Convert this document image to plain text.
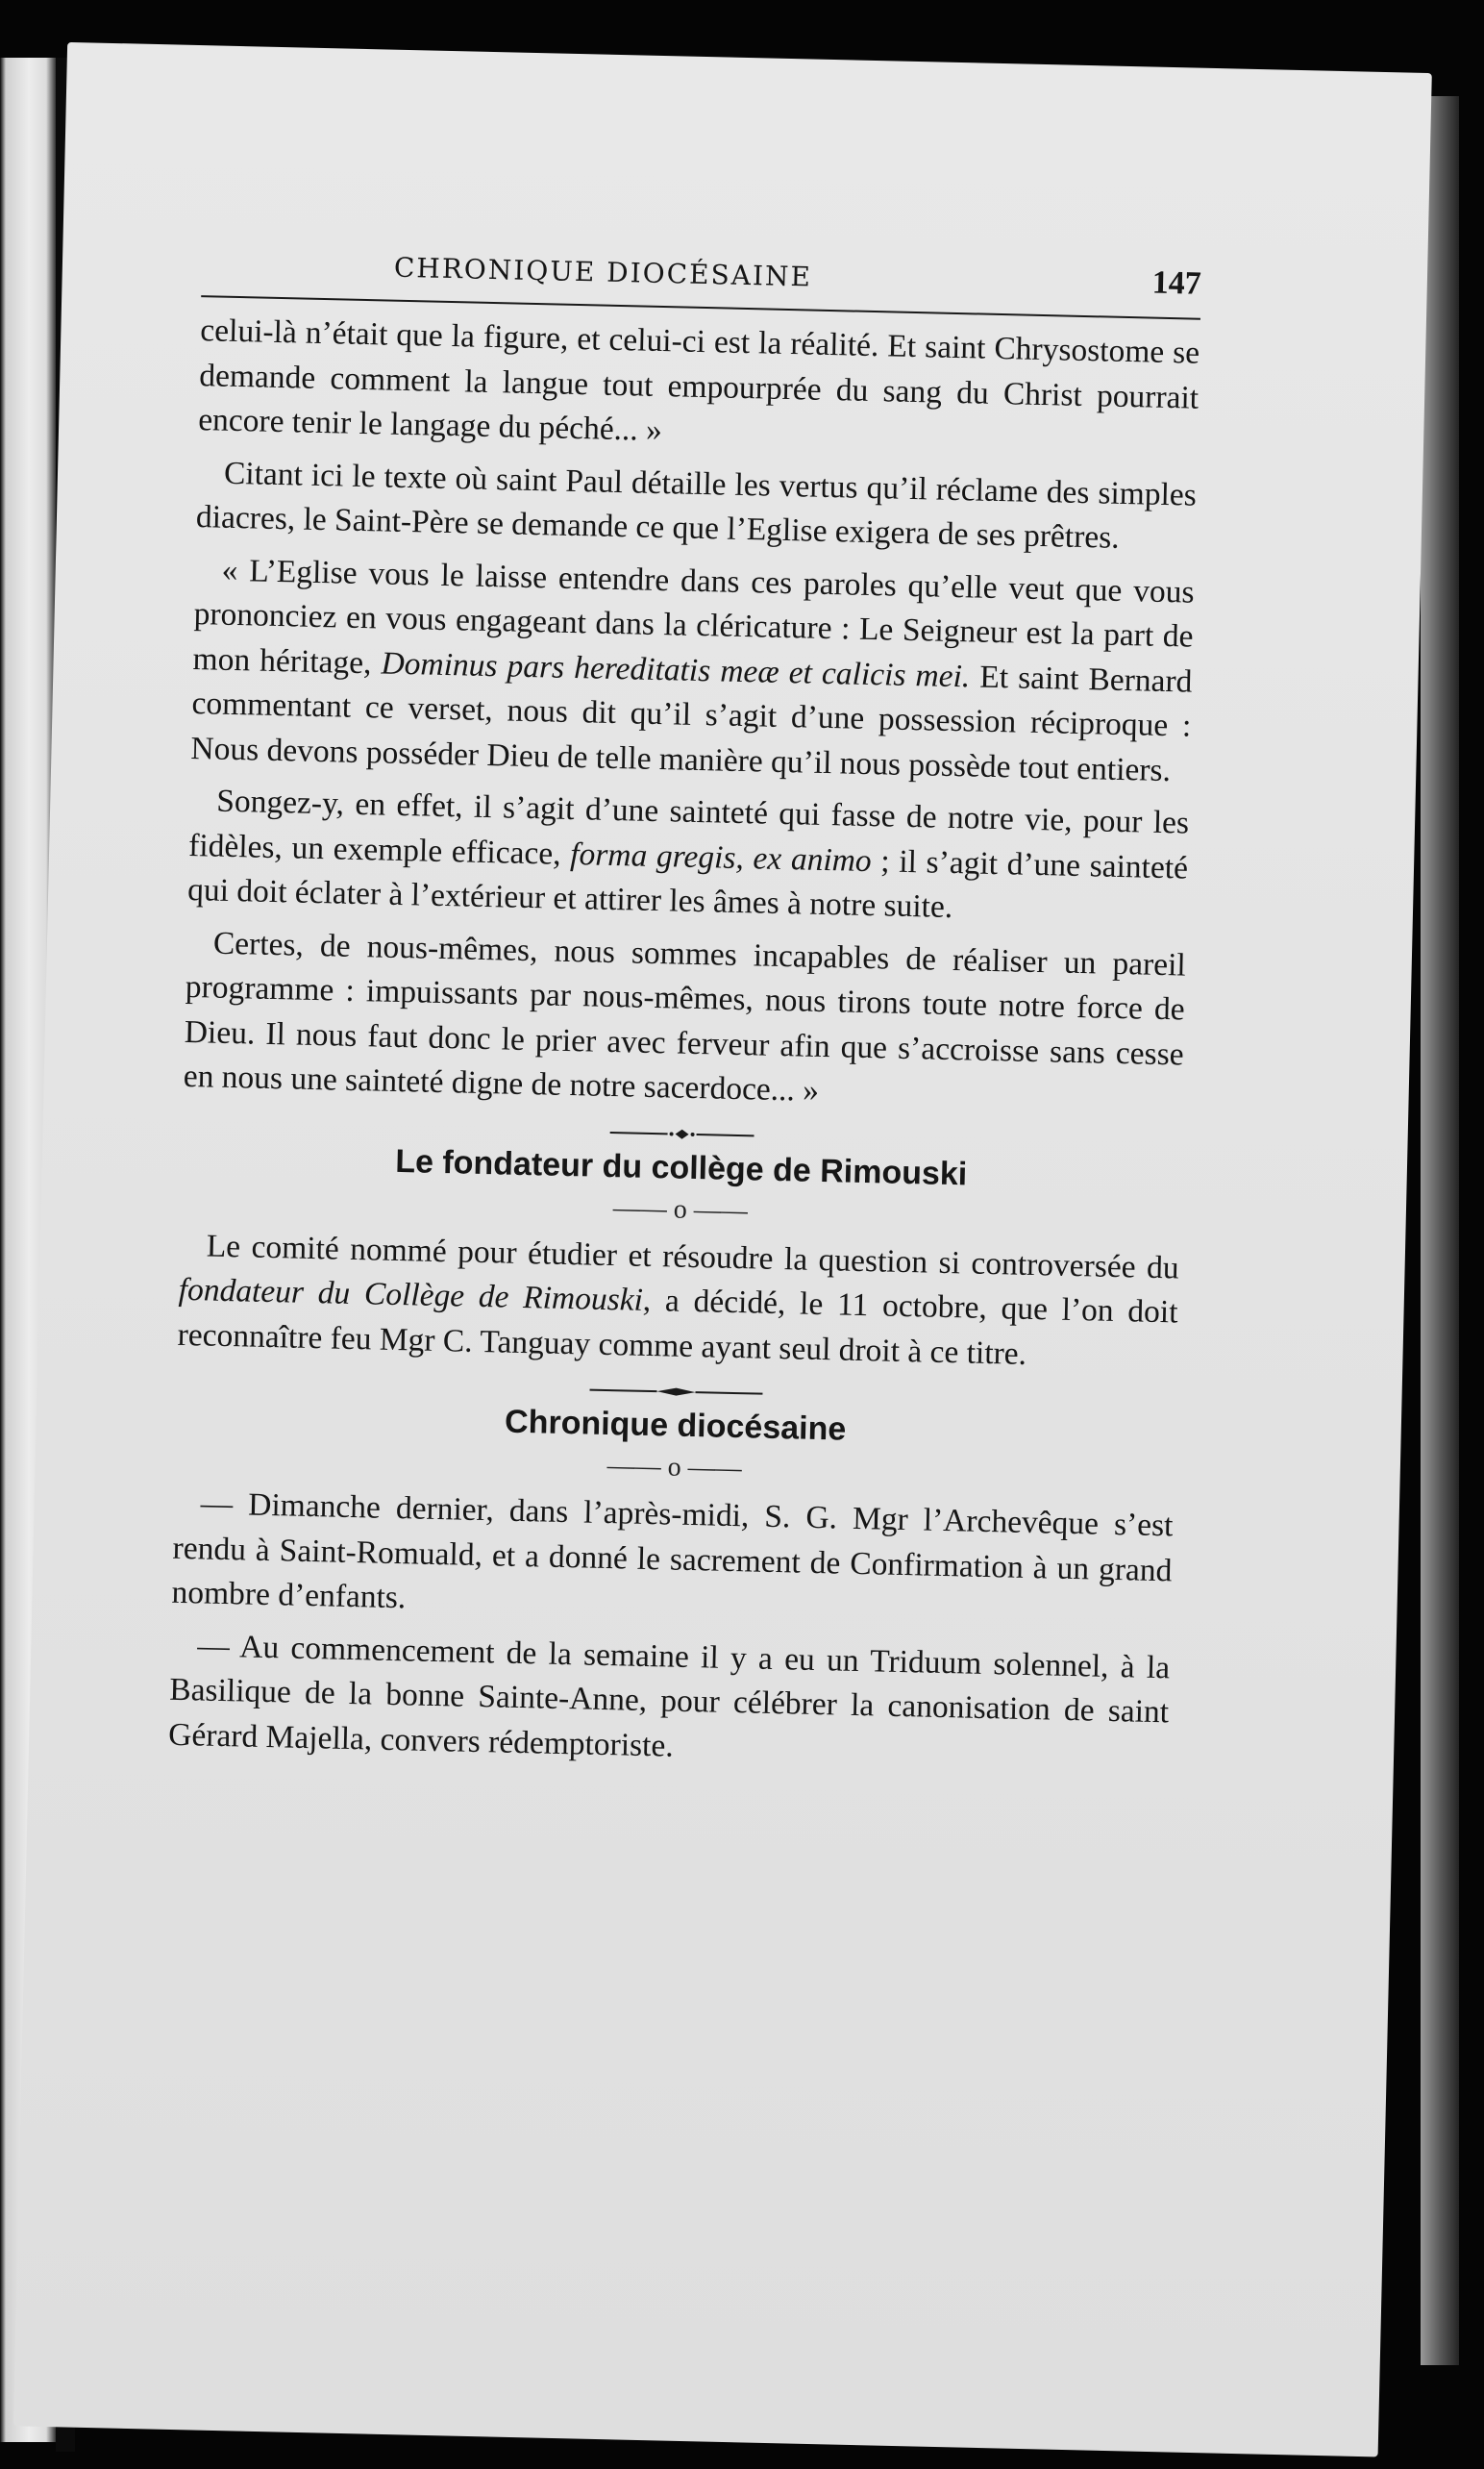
CHRONIQUE DIOCÉSAINE	147

celui-là n’était que la figure, et celui-ci est la réalité. Et saint Chrysostome se demande comment la langue tout empourprée du sang du Christ pourrait encore tenir le langage du péché... »

Citant ici le texte où saint Paul détaille les vertus qu’il réclame des simples diacres, le Saint-Père se demande ce que l’Eglise exigera de ses prêtres.

« L’Eglise vous le laisse entendre dans ces paroles qu’elle veut que vous prononciez en vous engageant dans la cléricature : Le Seigneur est la part de mon héritage, Dominus pars hereditatis meæ et calicis mei. Et saint Bernard commentant ce verset, nous dit qu’il s’agit d’une possession réciproque : Nous devons posséder Dieu de telle manière qu’il nous possède tout entiers.

Songez-y, en effet, il s’agit d’une sainteté qui fasse de notre vie, pour les fidèles, un exemple efficace, forma gregis, ex animo ; il s’agit d’une sainteté qui doit éclater à l’extérieur et attirer les âmes à notre suite.

Certes, de nous-mêmes, nous sommes incapables de réaliser un pareil programme : impuissants par nous-mêmes, nous tirons toute notre force de Dieu. Il nous faut donc le prier avec ferveur afin que s’accroisse sans cesse en nous une sainteté digne de notre sacerdoce... »

Le fondateur du collège de Rimouski
—— o ——

Le comité nommé pour étudier et résoudre la question si controversée du fondateur du Collège de Rimouski, a décidé, le 11 octobre, que l’on doit reconnaître feu Mgr C. Tanguay comme ayant seul droit à ce titre.

Chronique diocésaine
—— o ——

— Dimanche dernier, dans l’après-midi, S. G. Mgr l’Archevêque s’est rendu à Saint-Romuald, et a donné le sacrement de Confirmation à un grand nombre d’enfants.

— Au commencement de la semaine il y a eu un Triduum solennel, à la Basilique de la bonne Sainte-Anne, pour célébrer la canonisation de saint Gérard Majella, convers rédemptoriste.
